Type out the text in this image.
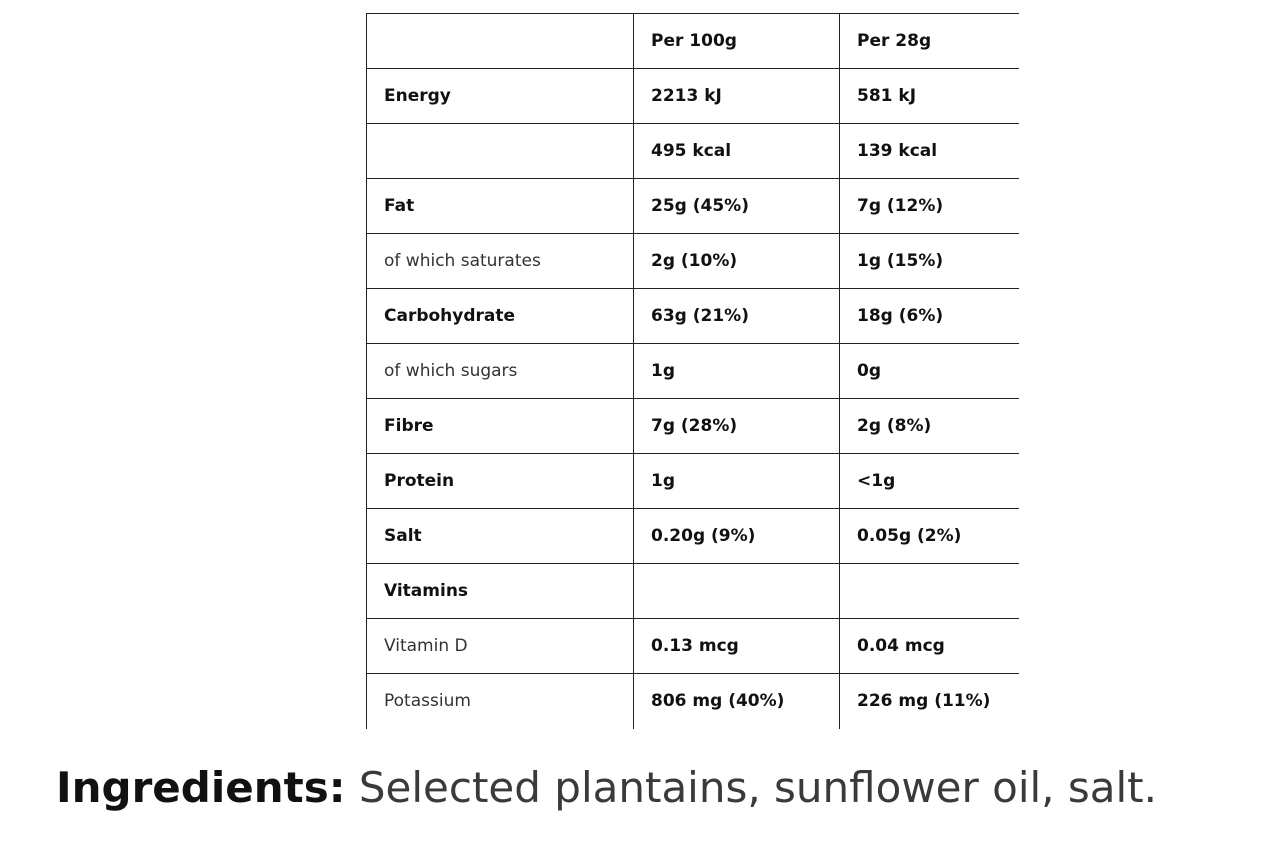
	Per 100g	Per 28g
Energy	2213 kJ	581 kJ
	495 kcal	139 kcal
Fat	25g (45%)	7g (12%)
of which saturates	2g (10%)	1g (15%)
Carbohydrate	63g (21%)	18g (6%)
of which sugars	1g	0g
Fibre	7g (28%)	2g (8%)
Protein	1g	<1g
Salt	0.20g (9%)	0.05g (2%)
Vitamins		
Vitamin D	0.13 mcg	0.04 mcg
Potassium	806 mg (40%)	226 mg (11%)
Ingredients: Selected plantains, sunflower oil, salt.
